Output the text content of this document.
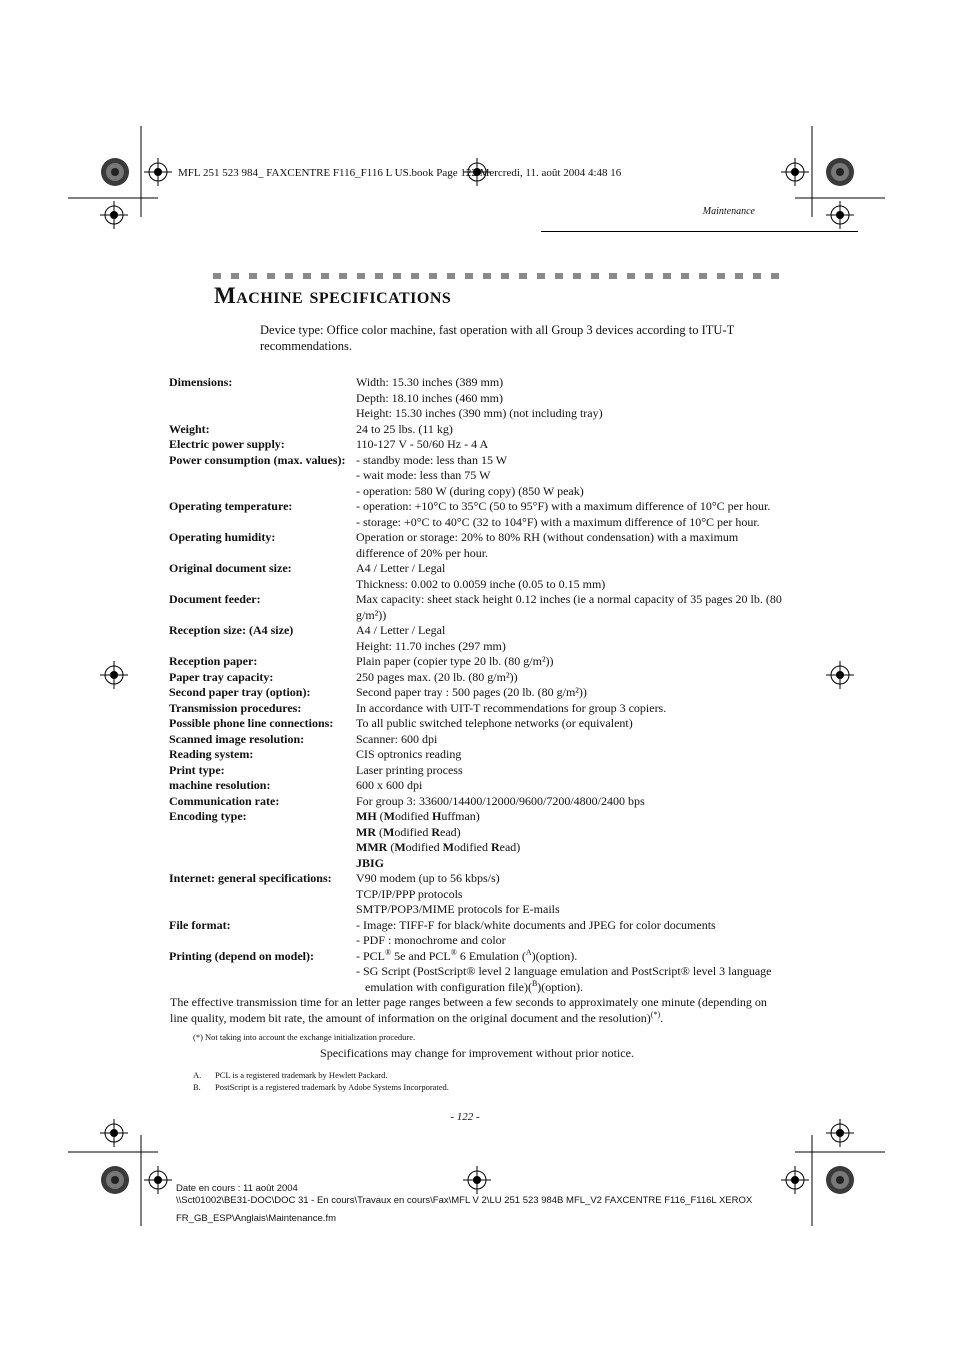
MFL 251 523 984_ FAXCENTRE F116_F116 L US.book Page 122 Mercredi, 11. août 2004 4:48 16
Maintenance
Machine specifications
Device type: Office color machine, fast operation with all Group 3 devices according to ITU-T recommendations.
Dimensions:	Width: 15.30 inches (389 mm)
Depth: 18.10 inches (460 mm)
Height: 15.30 inches (390 mm) (not including tray)
Weight:	24 to 25 lbs. (11 kg)
Electric power supply:	110-127 V - 50/60 Hz - 4 A
Power consumption (max. values): - standby mode: less than 15 W
- wait mode: less than 75 W
- operation: 580 W (during copy) (850 W peak)
Operating temperature:	- operation: +10°C to 35°C (50 to 95°F) with a maximum difference of 10°C per hour.
- storage: +0°C to 40°C (32 to 104°F) with a maximum difference of 10°C per hour.
Operating humidity:	Operation or storage: 20% to 80% RH (without condensation) with a maximum difference of 20% per hour.
Original document size:	A4 / Letter / Legal
Thickness: 0.002 to 0.0059 inche (0.05 to 0.15 mm)
Document feeder:	Max capacity: sheet stack height 0.12 inches (ie a normal capacity of 35 pages 20 lb. (80 g/m²))
Reception size: (A4 size)	A4 / Letter / Legal
Height: 11.70 inches (297 mm)
Reception paper:	Plain paper (copier type 20 lb. (80 g/m²))
Paper tray capacity:	250 pages max. (20 lb. (80 g/m²))
Second paper tray (option):	Second paper tray : 500 pages (20 lb. (80 g/m²))
Transmission procedures:	In accordance with UIT-T recommendations for group 3 copiers.
Possible phone line connections:	To all public switched telephone networks (or equivalent)
Scanned image resolution:	Scanner: 600 dpi
Reading system:	CIS optronics reading
Print type:	Laser printing process
machine resolution:	600 x 600 dpi
Communication rate:	For group 3: 33600/14400/12000/9600/7200/4800/2400 bps
Encoding type:	MH (Modified Huffman)
MR (Modified Read)
MMR (Modified Modified Read)
JBIG
Internet: general specifications:	V90 modem (up to 56 kbps/s)
TCP/IP/PPP protocols
SMTP/POP3/MIME protocols for E-mails
File format:	- Image: TIFF-F for black/white documents and JPEG for color documents
- PDF : monochrome and color
Printing (depend on model):	- PCL® 5e and PCL® 6 Emulation ($^A$)(option).
- SG Script (PostScript® level 2 language emulation and PostScript® level 3 language emulation with configuration file)($^B$)(option).
The effective transmission time for an letter page ranges between a few seconds to approximately one minute (depending on line quality, modem bit rate, the amount of information on the original document and the resolution)(*).
(*) Not taking into account the exchange initialization procedure.
Specifications may change for improvement without prior notice.
A. PCL is a registered trademark by Hewlett Packard.
B. PostScript is a registered trademark by Adobe Systems Incorporated.
- 122 -
Date en cours : 11 août 2004
\\Sct01002\BE31-DOC\DOC 31 - En cours\Travaux en cours\Fax\MFL V 2\LU 251 523 984B MFL_V2 FAXCENTRE F116_F116L XEROX
FR_GB_ESP\Anglais\Maintenance.fm
